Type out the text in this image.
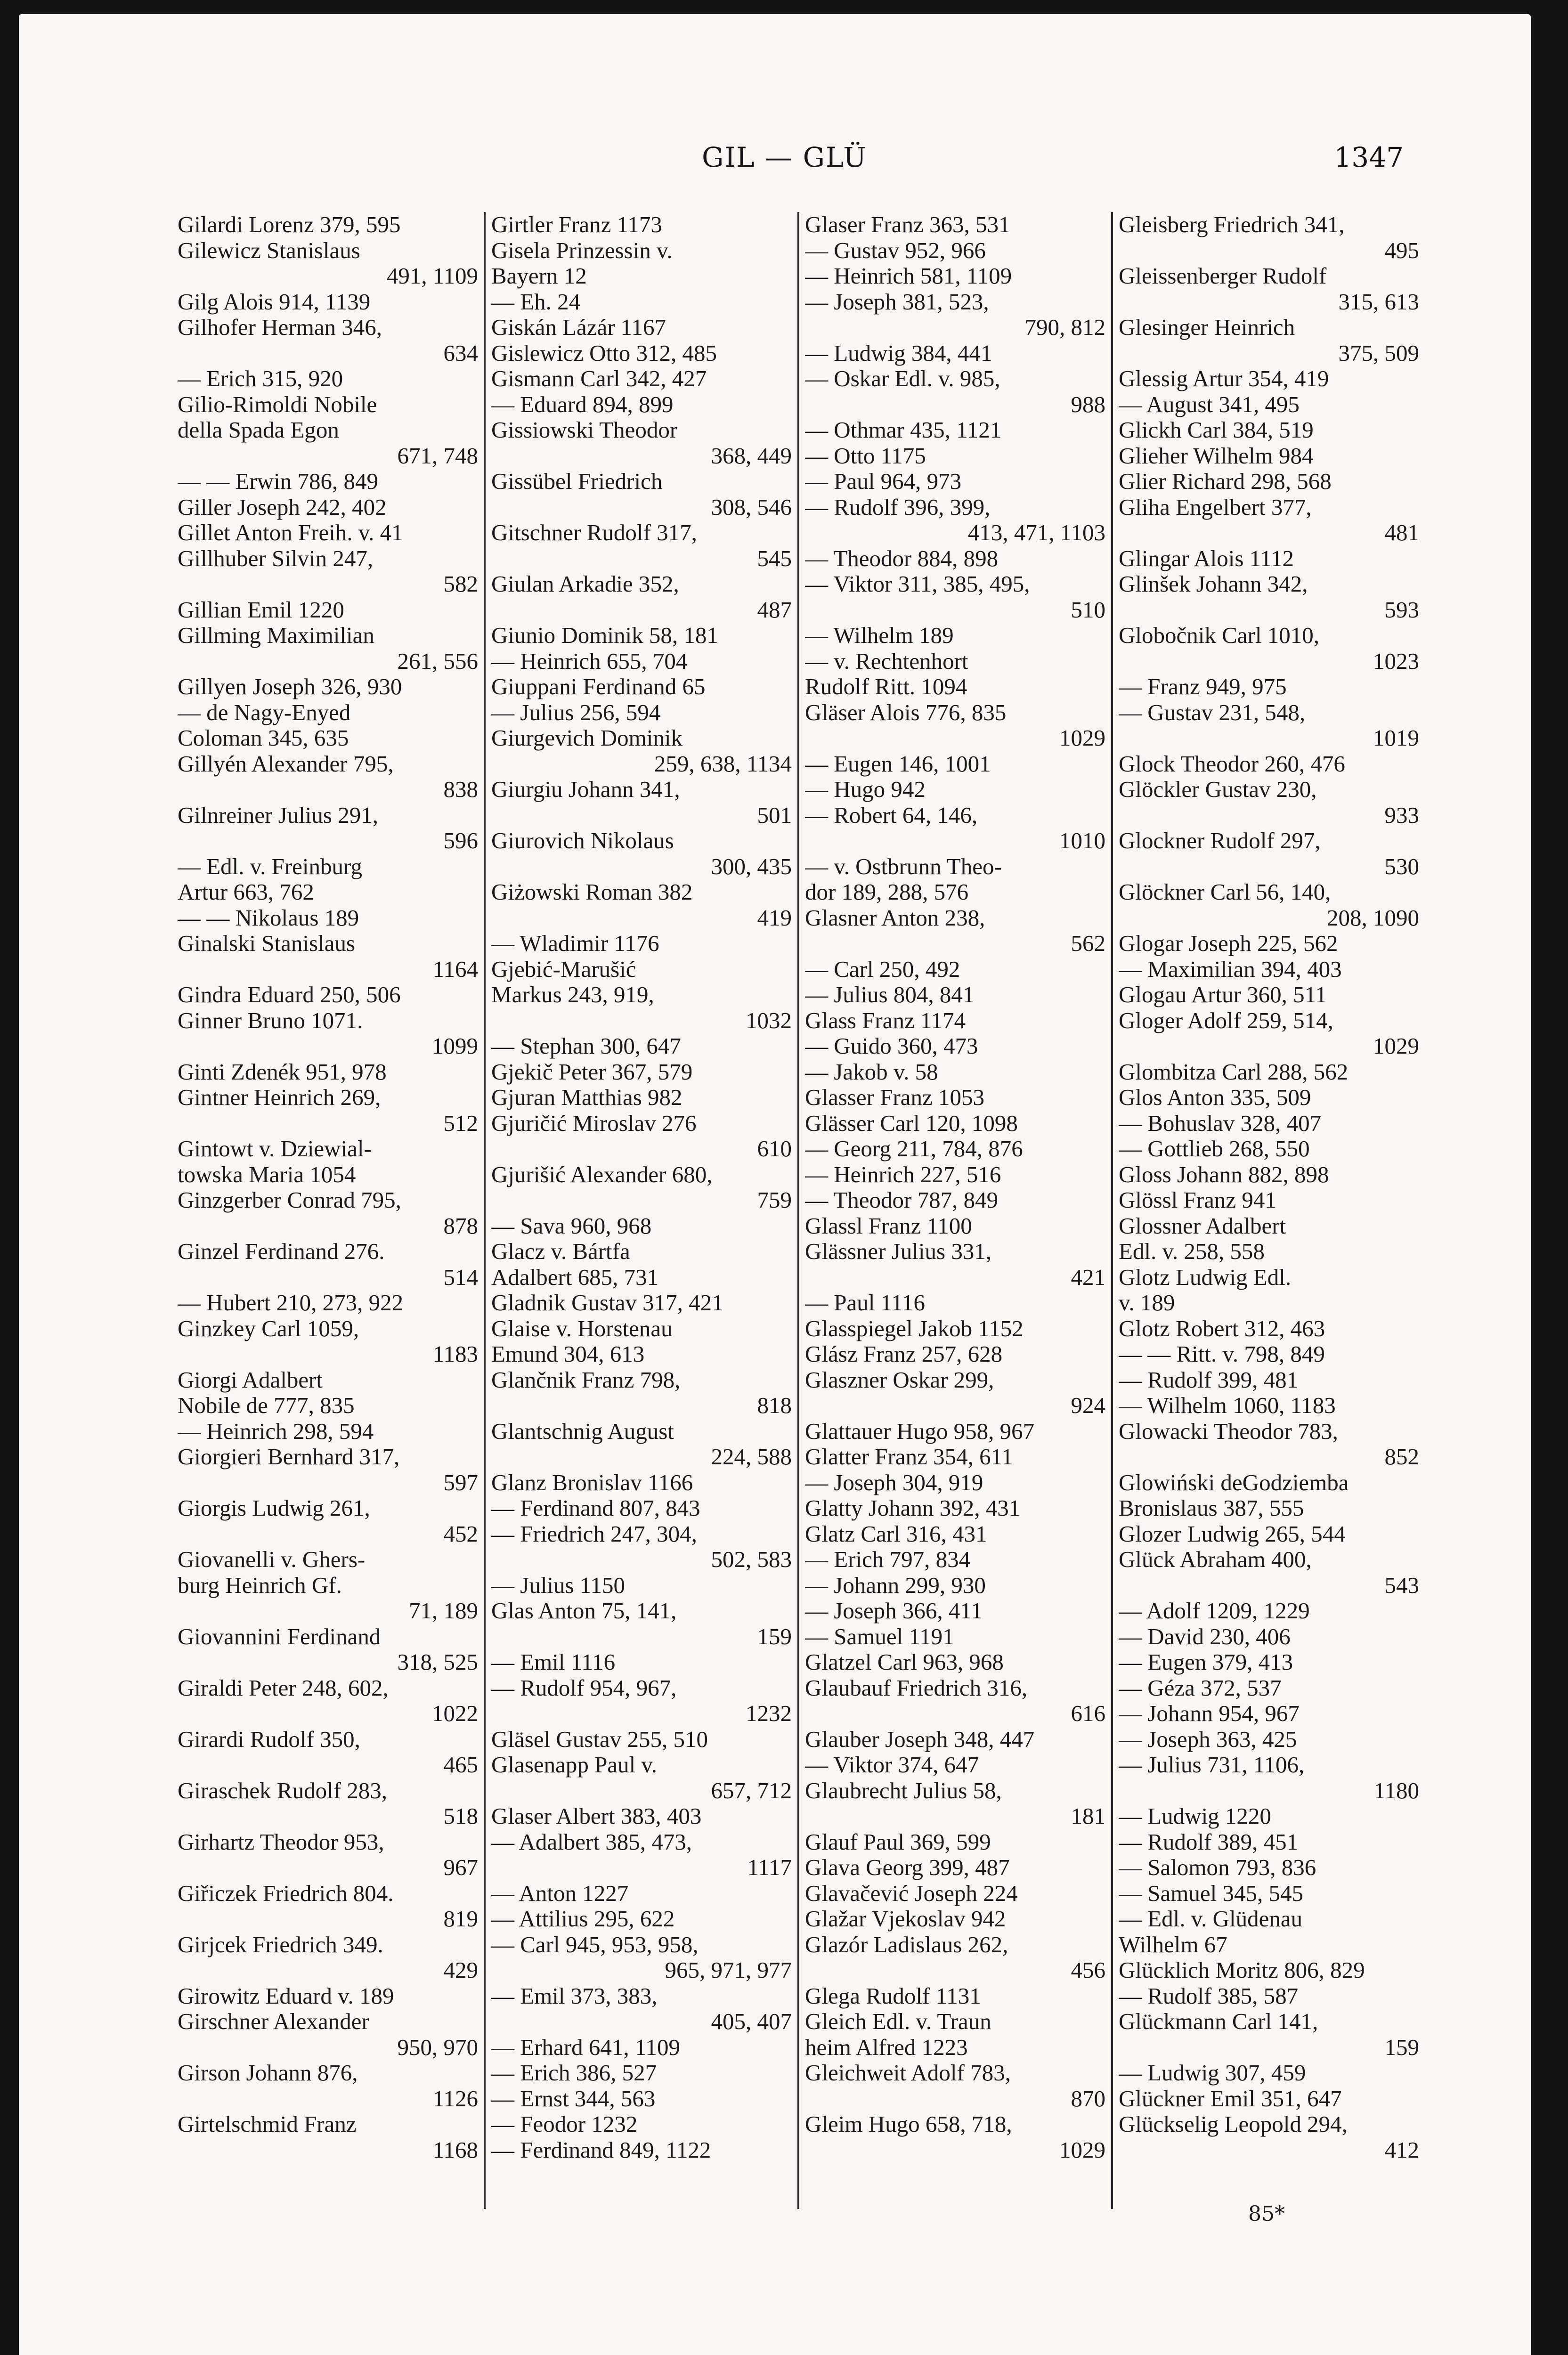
GIL — GLÜ	1347
Gilardi Lorenz 379, 595
Gilewicz Stanislaus
491, 1109
Gilg Alois 914, 1139
Gilhofer Herman 346,
634
— Erich 315, 920
Gilio-Rimoldi Nobile
della Spada Egon
671, 748
— — Erwin 786, 849
Giller Joseph 242, 402
Gillet Anton Freih. v. 41
Gillhuber Silvin 247,
582
Gillian Emil 1220
Gillming Maximilian
261, 556
Gillyen Joseph 326, 930
— de Nagy-Enyed
Coloman 345, 635
Gillyén Alexander 795,
838
Gilnreiner Julius 291,
596
— Edl. v. Freinburg
Artur 663, 762
— — Nikolaus 189
Ginalski Stanislaus
1164
Gindra Eduard 250, 506
Ginner Bruno 1071.
1099
Ginti Zdenék 951, 978
Gintner Heinrich 269,
512
Gintowt v. Dziewial-
towska Maria 1054
Ginzgerber Conrad 795,
878
Ginzel Ferdinand 276.
514
— Hubert 210, 273, 922
Ginzkey Carl 1059,
1183
Giorgi Adalbert
Nobile de 777, 835
— Heinrich 298, 594
Giorgieri Bernhard 317,
597
Giorgis Ludwig 261,
452
Giovanelli v. Ghers-
burg Heinrich Gf.
71, 189
Giovannini Ferdinand
318, 525
Giraldi Peter 248, 602,
1022
Girardi Rudolf 350,
465
Giraschek Rudolf 283,
518
Girhartz Theodor 953,
967
Giřiczek Friedrich 804.
819
Girjcek Friedrich 349.
429
Girowitz Eduard v. 189
Girschner Alexander
950, 970
Girson Johann 876,
1126
Girtelschmid Franz
1168
Girtler Franz 1173
Gisela Prinzessin v.
Bayern 12
— Eh. 24
Giskán Lázár 1167
Gislewicz Otto 312, 485
Gismann Carl 342, 427
— Eduard 894, 899
Gissiowski Theodor
368, 449
Gissübel Friedrich
308, 546
Gitschner Rudolf 317,
545
Giulan Arkadie 352,
487
Giunio Dominik 58, 181
— Heinrich 655, 704
Giuppani Ferdinand 65
— Julius 256, 594
Giurgevich Dominik
259, 638, 1134
Giurgiu Johann 341,
501
Giurovich Nikolaus
300, 435
Giżowski Roman 382
419
— Wladimir 1176
Gjebić-Marušić
Markus 243, 919,
1032
— Stephan 300, 647
Gjekič Peter 367, 579
Gjuran Matthias 982
Gjuričić Miroslav 276
610
Gjurišić Alexander 680,
759
— Sava 960, 968
Glacz v. Bártfa
Adalbert 685, 731
Gladnik Gustav 317, 421
Glaise v. Horstenau
Emund 304, 613
Glančnik Franz 798,
818
Glantschnig August
224, 588
Glanz Bronislav 1166
— Ferdinand 807, 843
— Friedrich 247, 304,
502, 583
— Julius 1150
Glas Anton 75, 141,
159
— Emil 1116
— Rudolf 954, 967,
1232
Gläsel Gustav 255, 510
Glasenapp Paul v.
657, 712
Glaser Albert 383, 403
— Adalbert 385, 473,
1117
— Anton 1227
— Attilius 295, 622
— Carl 945, 953, 958,
965, 971, 977
— Emil 373, 383,
405, 407
— Erhard 641, 1109
— Erich 386, 527
— Ernst 344, 563
— Feodor 1232
— Ferdinand 849, 1122
Glaser Franz 363, 531
— Gustav 952, 966
— Heinrich 581, 1109
— Joseph 381, 523,
790, 812
— Ludwig 384, 441
— Oskar Edl. v. 985,
988
— Othmar 435, 1121
— Otto 1175
— Paul 964, 973
— Rudolf 396, 399,
413, 471, 1103
— Theodor 884, 898
— Viktor 311, 385, 495,
510
— Wilhelm 189
— v. Rechtenhort
Rudolf Ritt. 1094
Gläser Alois 776, 835
1029
— Eugen 146, 1001
— Hugo 942
— Robert 64, 146,
1010
— v. Ostbrunn Theo-
dor 189, 288, 576
Glasner Anton 238,
562
— Carl 250, 492
— Julius 804, 841
Glass Franz 1174
— Guido 360, 473
— Jakob v. 58
Glasser Franz 1053
Glässer Carl 120, 1098
— Georg 211, 784, 876
— Heinrich 227, 516
— Theodor 787, 849
Glassl Franz 1100
Glässner Julius 331,
421
— Paul 1116
Glasspiegel Jakob 1152
Glász Franz 257, 628
Glaszner Oskar 299,
924
Glattauer Hugo 958, 967
Glatter Franz 354, 611
— Joseph 304, 919
Glatty Johann 392, 431
Glatz Carl 316, 431
— Erich 797, 834
— Johann 299, 930
— Joseph 366, 411
— Samuel 1191
Glatzel Carl 963, 968
Glaubauf Friedrich 316,
616
Glauber Joseph 348, 447
— Viktor 374, 647
Glaubrecht Julius 58,
181
Glauf Paul 369, 599
Glava Georg 399, 487
Glavačević Joseph 224
Glažar Vjekoslav 942
Glazór Ladislaus 262,
456
Glega Rudolf 1131
Gleich Edl. v. Traun
heim Alfred 1223
Gleichweit Adolf 783,
870
Gleim Hugo 658, 718,
1029
Gleisberg Friedrich 341,
495
Gleissenberger Rudolf
315, 613
Glesinger Heinrich
375, 509
Glessig Artur 354, 419
— August 341, 495
Glickh Carl 384, 519
Glieher Wilhelm 984
Glier Richard 298, 568
Gliha Engelbert 377,
481
Glingar Alois 1112
Glinšek Johann 342,
593
Globočnik Carl 1010,
1023
— Franz 949, 975
— Gustav 231, 548,
1019
Glock Theodor 260, 476
Glöckler Gustav 230,
933
Glockner Rudolf 297,
530
Glöckner Carl 56, 140,
208, 1090
Glogar Joseph 225, 562
— Maximilian 394, 403
Glogau Artur 360, 511
Gloger Adolf 259, 514,
1029
Glombitza Carl 288, 562
Glos Anton 335, 509
— Bohuslav 328, 407
— Gottlieb 268, 550
Gloss Johann 882, 898
Glössl Franz 941
Glossner Adalbert
Edl. v. 258, 558
Glotz Ludwig Edl.
v. 189
Glotz Robert 312, 463
— — Ritt. v. 798, 849
— Rudolf 399, 481
— Wilhelm 1060, 1183
Glowacki Theodor 783,
852
Glowiński deGodziemba
Bronislaus 387, 555
Glozer Ludwig 265, 544
Glück Abraham 400,
543
— Adolf 1209, 1229
— David 230, 406
— Eugen 379, 413
— Géza 372, 537
— Johann 954, 967
— Joseph 363, 425
— Julius 731, 1106,
1180
— Ludwig 1220
— Rudolf 389, 451
— Salomon 793, 836
— Samuel 345, 545
— Edl. v. Glüdenau
Wilhelm 67
Glücklich Moritz 806, 829
— Rudolf 385, 587
Glückmann Carl 141,
159
— Ludwig 307, 459
Glückner Emil 351, 647
Glückselig Leopold 294,
412
85*
